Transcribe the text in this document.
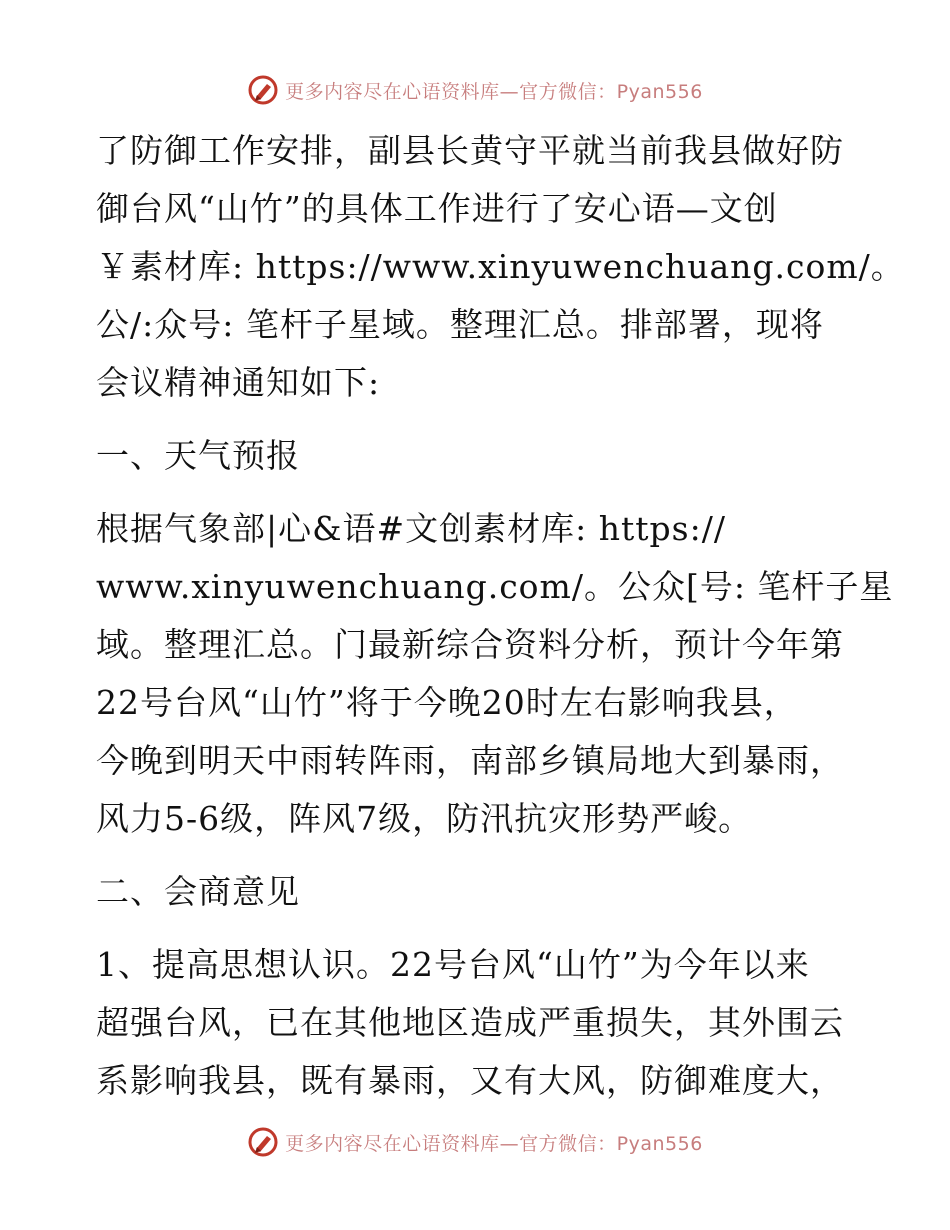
更多内容尽在心语资料库—官方微信：Pyan556
了防御工作安排，副县长黄守平就当前我县做好防
御台风“山竹”的具体工作进行了安心语—文创
￥素材库: https://www.xinyuwenchuang.com/。
公/:众号: 笔杆子星域。整理汇总。排部署，现将
会议精神通知如下:
一、天气预报
根据气象部|心&语#文创素材库: https://
www.xinyuwenchuang.com/。公众[号: 笔杆子星
域。整理汇总。门最新综合资料分析，预计今年第
22号台风“山竹”将于今晚20时左右影响我县，
今晚到明天中雨转阵雨，南部乡镇局地大到暴雨，
风力5-6级，阵风7级，防汛抗灾形势严峻。
二、会商意见
1、提高思想认识。22号台风“山竹”为今年以来
超强台风，已在其他地区造成严重损失，其外围云
系影响我县，既有暴雨，又有大风，防御难度大，
更多内容尽在心语资料库—官方微信：Pyan556
